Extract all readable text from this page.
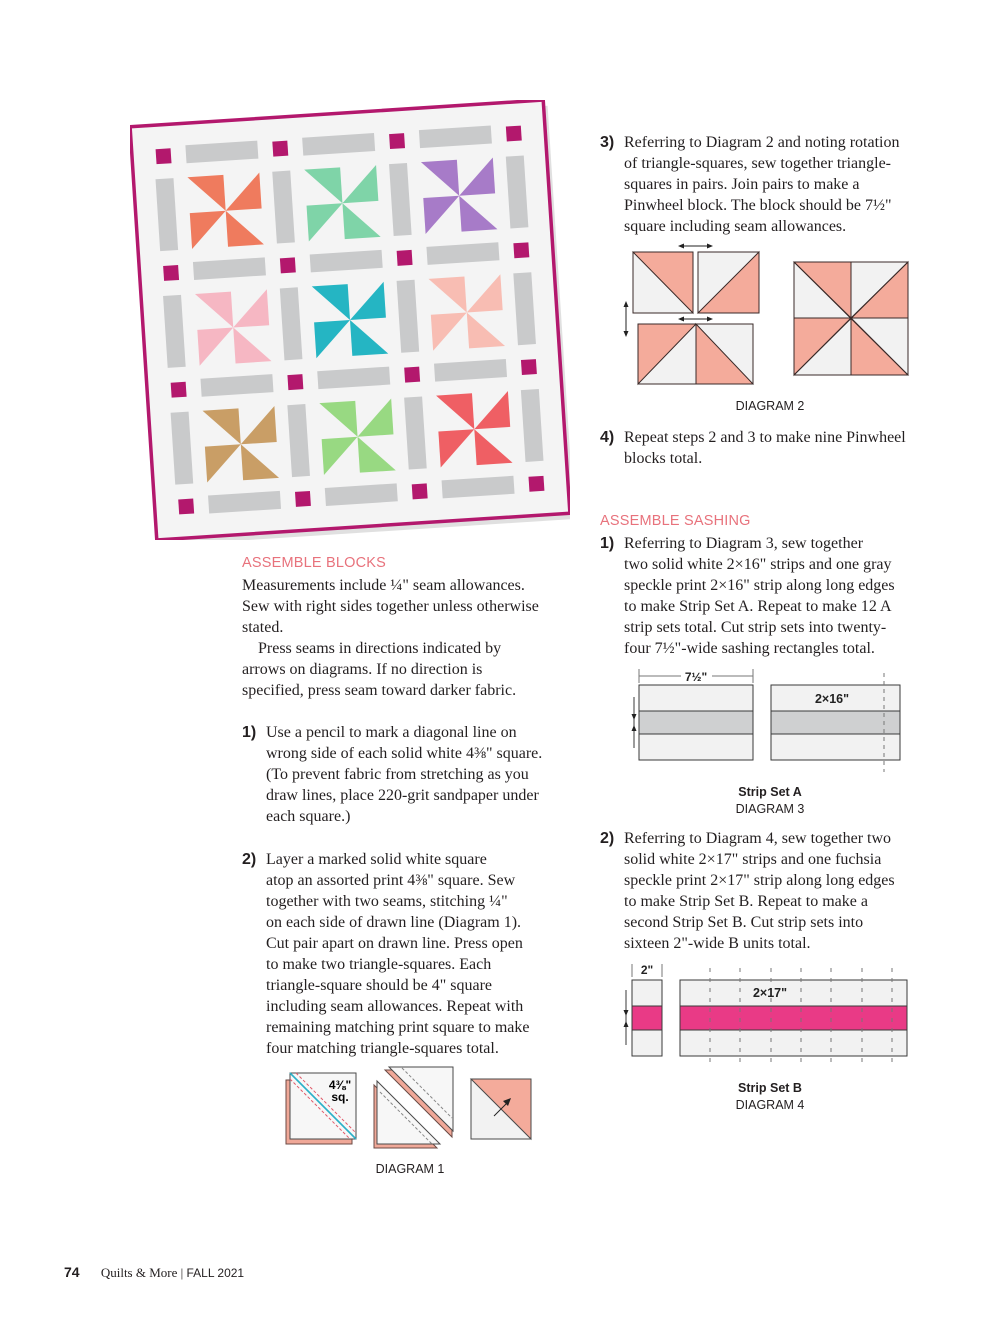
ASSEMBLE BLOCKS

Measurements include ¼" seam allowances.
Sew with right sides together unless otherwise
stated.

Press seams in directions indicated by
arrows on diagrams. If no direction is
specified, press seam toward darker fabric.

1) Use a pencil to mark a diagonal line on
wrong side of each solid white 4⅜" square.
(To prevent fabric from stretching as you
draw lines, place 220-grit sandpaper under
each square.)

2) Layer a marked solid white square
atop an assorted print 4⅜" square. Sew
together with two seams, stitching ¼"
on each side of drawn line (Diagram 1).
Cut pair apart on drawn line. Press open
to make two triangle-squares. Each
triangle-square should be 4" square
including seam allowances. Repeat with
remaining matching print square to make
four matching triangle-squares total.

4⅜"
sq.
DIAGRAM 1
3) Referring to Diagram 2 and noting rotation
of triangle-squares, sew together triangle-
squares in pairs. Join pairs to make a
Pinwheel block. The block should be 7½"
square including seam allowances.

DIAGRAM 2
4) Repeat steps 2 and 3 to make nine Pinwheel
blocks total.

ASSEMBLE SASHING
1) Referring to Diagram 3, sew together
two solid white 2×16" strips and one gray
speckle print 2×16" strip along long edges
to make Strip Set A. Repeat to make 12 A
strip sets total. Cut strip sets into twenty-
four 7½"-wide sashing rectangles total.

7½"
2×16"
Strip Set A
DIAGRAM 3
2) Referring to Diagram 4, sew together two
solid white 2×17" strips and one fuchsia
speckle print 2×17" strip along long edges
to make Strip Set B. Repeat to make a
second Strip Set B. Cut strip sets into
sixteen 2"-wide B units total.

2"
2×17"
Strip Set B
DIAGRAM 4
74 Quilts & More | FALL 2021
